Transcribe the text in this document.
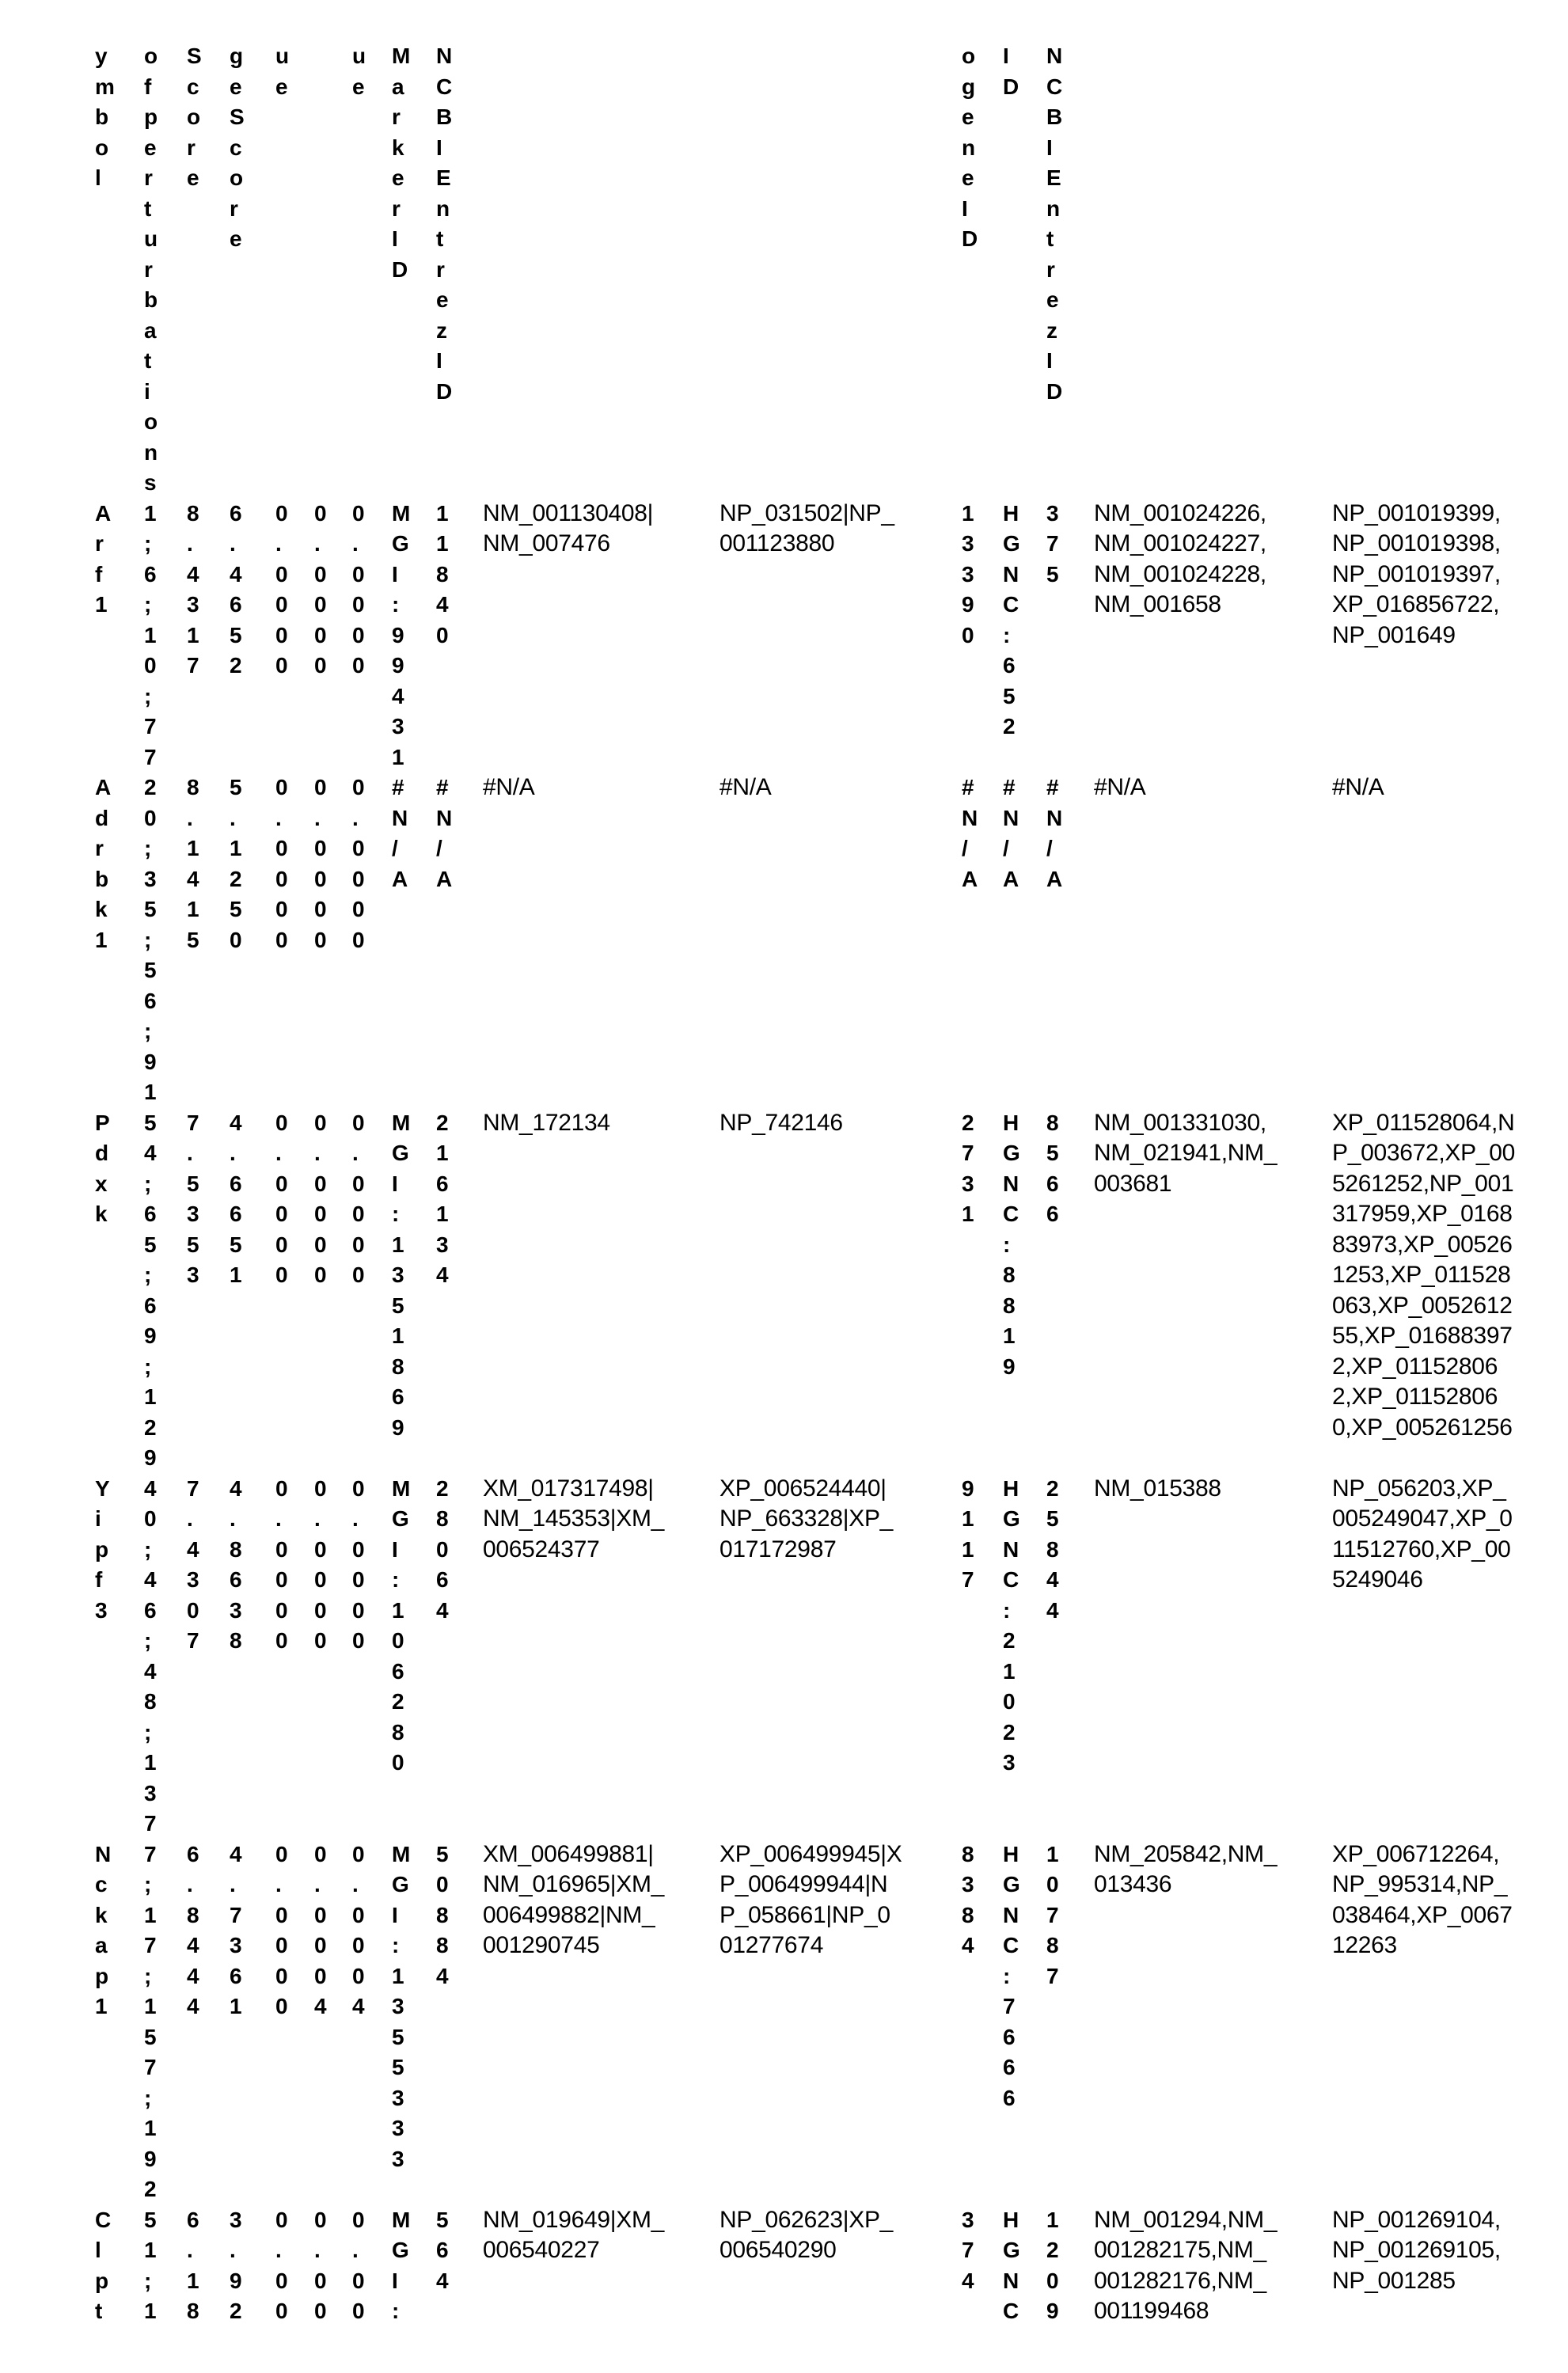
ymbol

ofperturbations

Score

geScore

ue

ue

MarkerID

NCBIEntrezID

ogeneID

ID

NCBIEntrezID

Arf1

1;6;10;77

8.4317

6.4652

0.0000

0.0000

0.0000

MGI:99431

11840

NM_001130408|NM_007476

NP_031502|NP_001123880

13390

HGNC:652

375

NM_001024226,NM_001024227,NM_001024228,NM_001658

NP_001019399,NP_001019398,NP_001019397,XP_016856722,NP_001649

Adrbk1

20;35;56;91

8.1415

5.1250

0.0000

0.0000

0.0000

#N/A

#N/A

#N/A	#N/A	#N/A

#N/A

#N/A

#N/A	#N/A

Pdxk

54;65;69;129

7.5353

4.6651

0.0000

0.0000

0.0000

MGI:1351869

216134

NM_172134	NP_742146	2731

HGNC:8819

8566

NM_001331030,NM_021941,NM_003681

XP_011528064,NP_003672,XP_005261252,NP_001317959,XP_016883973,XP_005261253,XP_011528063,XP_005261255,XP_016883972,XP_011528062,XP_011528060,XP_005261256

Yipf3

40;46;48;137

7.4307

4.8638

0.0000

0.0000

0.0000

MGI:106280

28064

XM_017317498|NM_145353|XM_006524377

XP_006524440|NP_663328|XP_017172987

9117

HGNC:21023

25844

NM_015388	NP_056203,XP_005249047,XP_011512760,XP_005249046

Nckap1

7;17;157;192

6.8444

4.7361

0.0000

0.0004

0.0004

MGI:1355333

50884

XM_006499881|NM_016965|XM_006499882|NM_001290745

XP_006499945|XP_006499944|NP_058661|NP_001277674

8384

HGNC:7666

10787

NM_205842,NM_013436

XP_006712264,NP_995314,NP_038464,XP_006712263

Clpt

51;1

6.18

3.92

0.00

0.00

0.00

MGI:

564

NM_019649|XM_006540227

NP_062623|XP_006540290

374

HGNC

1209

NM_001294,NM_001282175,NM_001282176,NM_001199468

NP_001269104,NP_001269105,NP_001285
